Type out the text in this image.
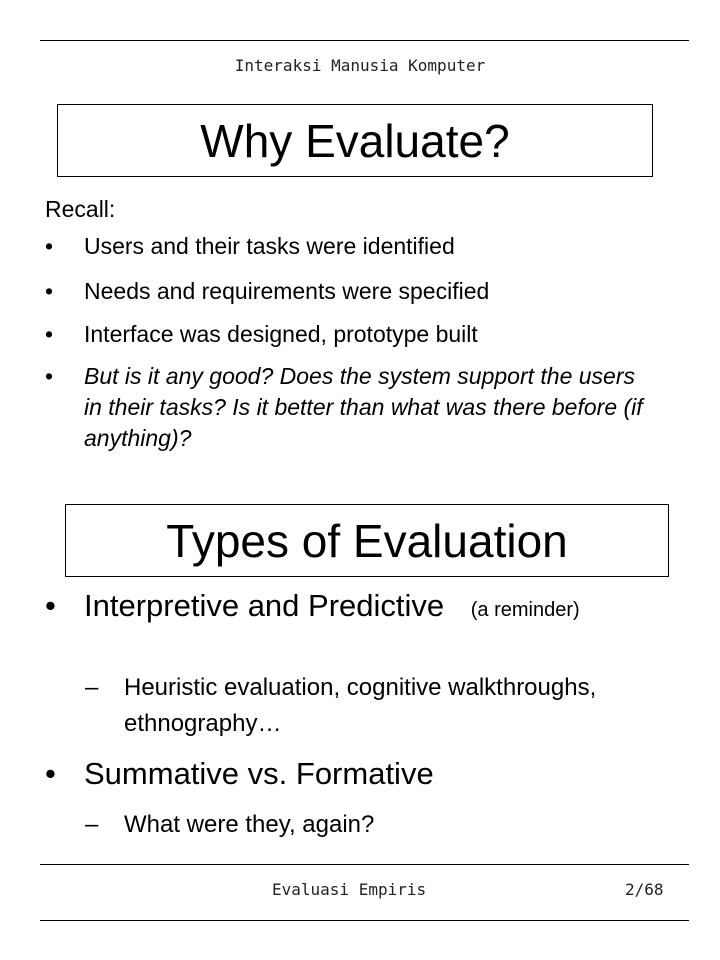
Interaksi Manusia Komputer
Why Evaluate?
Recall:
• Users and their tasks were identified
• Needs and requirements were specified
• Interface was designed, prototype built
• But is it any good? Does the system support the users in their tasks? Is it better than what was there before (if anything)?
Types of Evaluation
• Interpretive and Predictive (a reminder)
– Heuristic evaluation, cognitive walkthroughs, ethnography…
• Summative vs. Formative
– What were they, again?
Evaluasi Empiris	2/68
